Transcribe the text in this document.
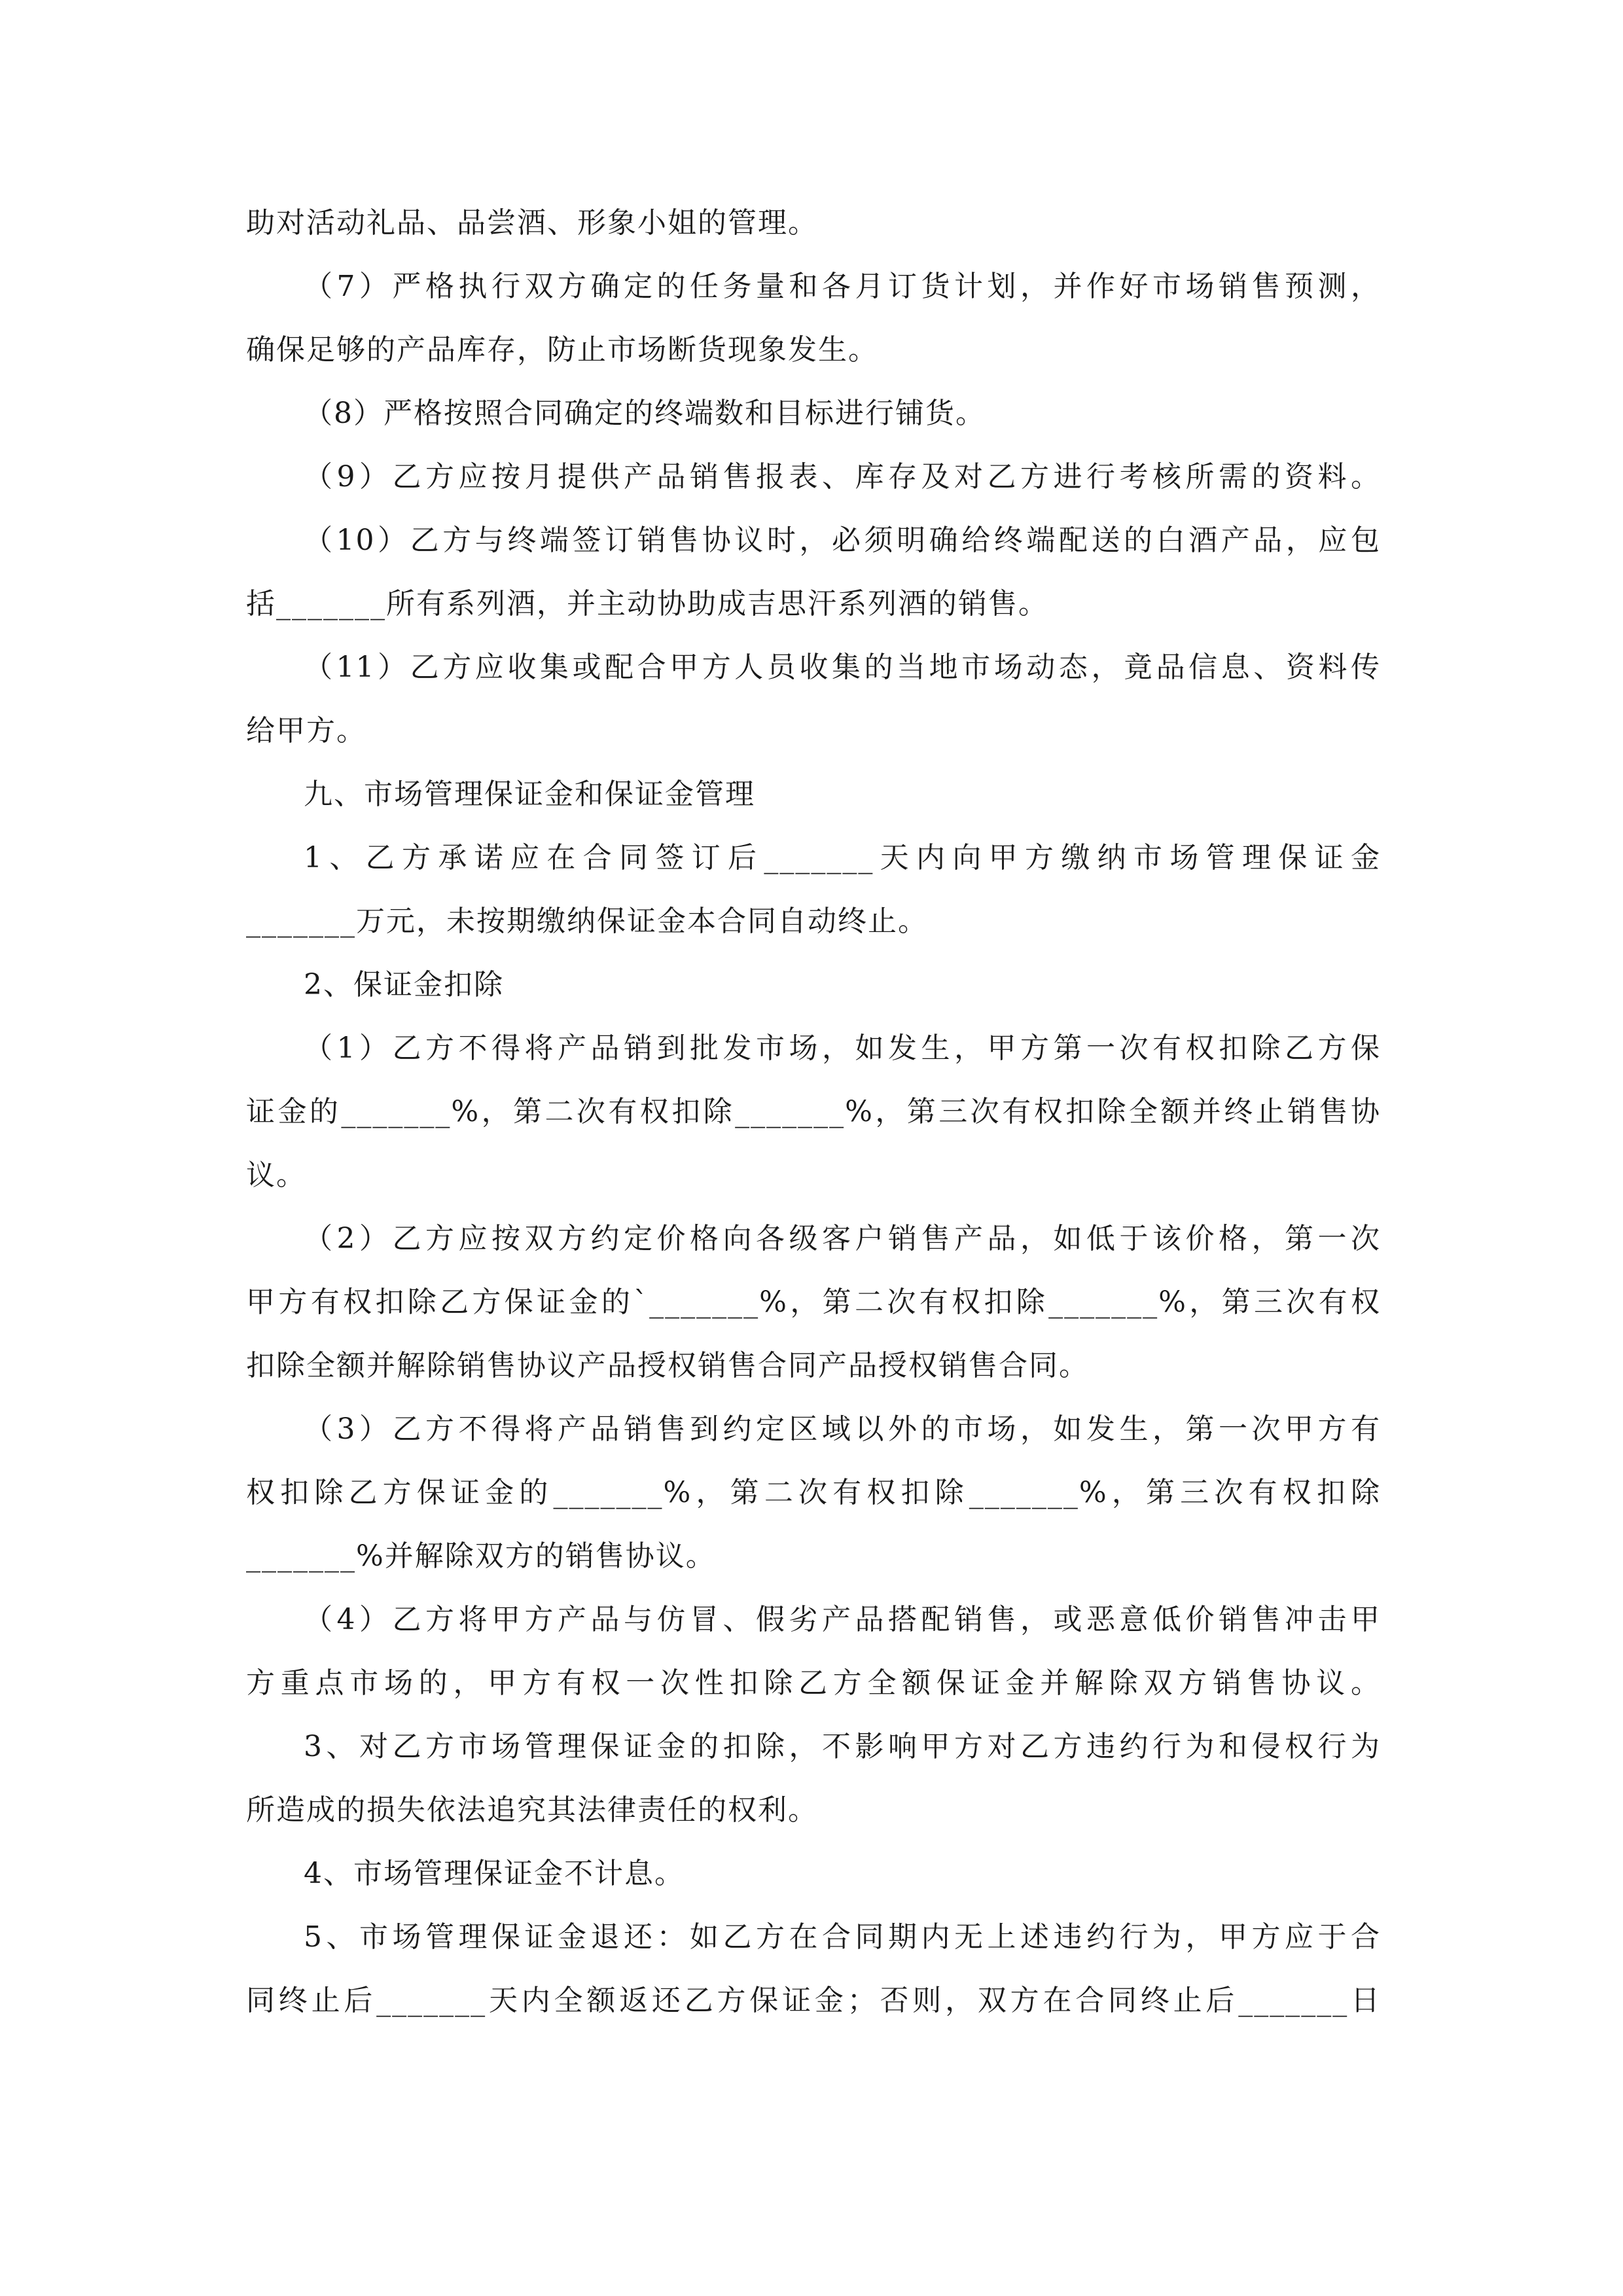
助对活动礼品、品尝酒、形象小姐的管理。
（7）严格执行双方确定的任务量和各月订货计划，并作好市场销售预测，
确保足够的产品库存，防止市场断货现象发生。
（8）严格按照合同确定的终端数和目标进行铺货。
（9）乙方应按月提供产品销售报表、库存及对乙方进行考核所需的资料。
（10）乙方与终端签订销售协议时，必须明确给终端配送的白酒产品，应包
括_______所有系列酒，并主动协助成吉思汗系列酒的销售。
（11）乙方应收集或配合甲方人员收集的当地市场动态，竟品信息、资料传
给甲方。
九、市场管理保证金和保证金管理
1、乙方承诺应在合同签订后_______天内向甲方缴纳市场管理保证金
_______万元，未按期缴纳保证金本合同自动终止。
2、保证金扣除
（1）乙方不得将产品销到批发市场，如发生，甲方第一次有权扣除乙方保
证金的_______%，第二次有权扣除_______%，第三次有权扣除全额并终止销售协
议。
（2）乙方应按双方约定价格向各级客户销售产品，如低于该价格，第一次
甲方有权扣除乙方保证金的`_______%，第二次有权扣除_______%，第三次有权
扣除全额并解除销售协议产品授权销售合同产品授权销售合同。
（3）乙方不得将产品销售到约定区域以外的市场，如发生，第一次甲方有
权扣除乙方保证金的_______%，第二次有权扣除_______%，第三次有权扣除
_______%并解除双方的销售协议。
（4）乙方将甲方产品与仿冒、假劣产品搭配销售，或恶意低价销售冲击甲
方重点市场的，甲方有权一次性扣除乙方全额保证金并解除双方销售协议。
3、对乙方市场管理保证金的扣除，不影响甲方对乙方违约行为和侵权行为
所造成的损失依法追究其法律责任的权利。
4、市场管理保证金不计息。
5、市场管理保证金退还：如乙方在合同期内无上述违约行为，甲方应于合
同终止后_______天内全额返还乙方保证金；否则，双方在合同终止后_______日
